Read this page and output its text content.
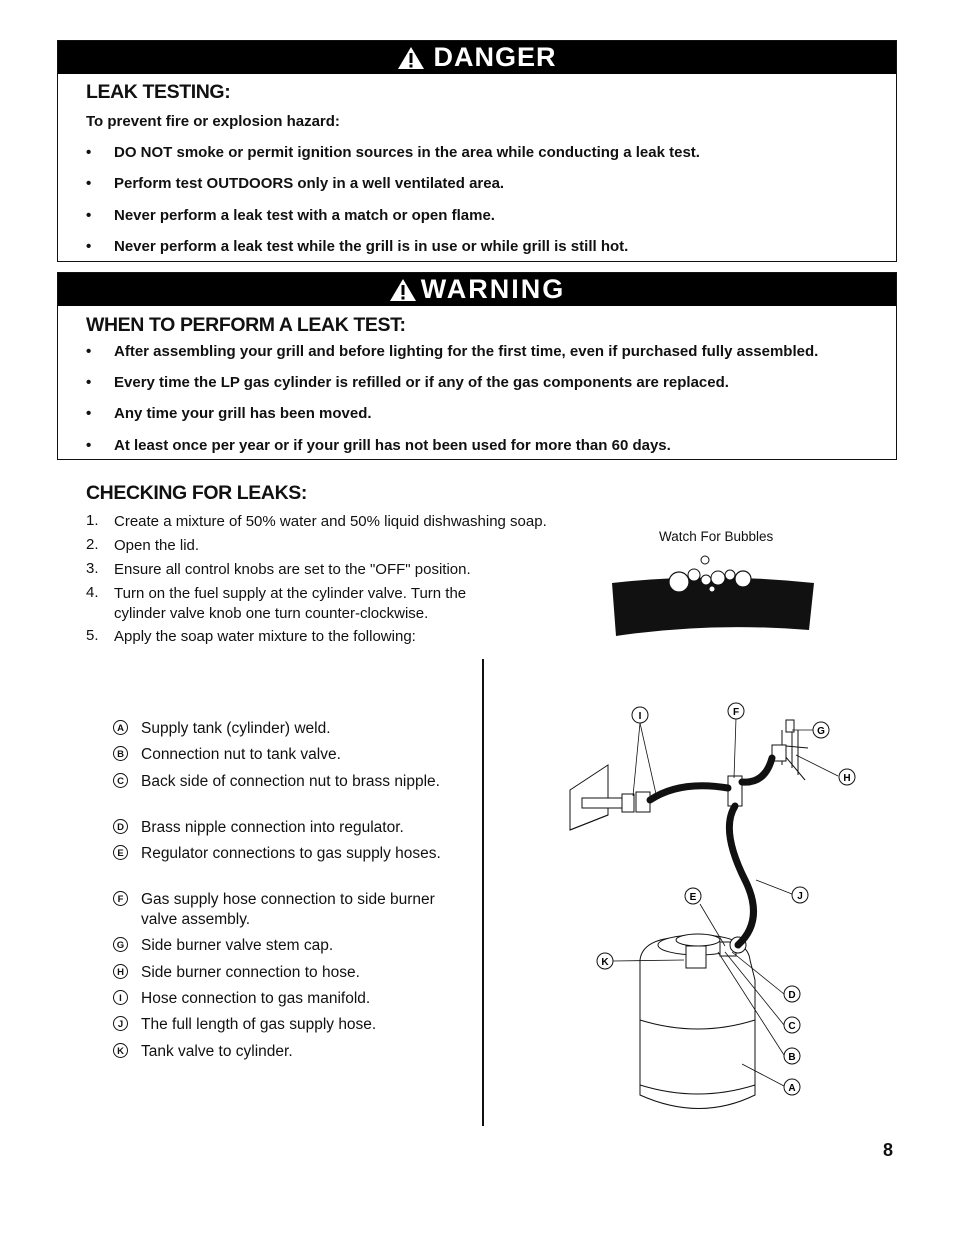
DANGER
LEAK TESTING:
To prevent fire or explosion hazard:
• DO NOT smoke or permit ignition sources in the area while conducting a leak test.
• Perform test OUTDOORS only in a well ventilated area.
• Never perform a leak test with a match or open flame.
• Never perform a leak test while the grill is in use or while grill is still hot.
WARNING
WHEN TO PERFORM A LEAK TEST:
• After assembling your grill and before lighting for the first time, even if purchased fully assembled.
• Every time the LP gas cylinder is refilled or if any of the gas components are replaced.
• Any time your grill has been moved.
• At least once per year or if your grill has not been used for more than 60 days.
CHECKING FOR LEAKS:
1. Create a mixture of 50% water and 50% liquid dishwashing soap.
2. Open the lid.
3. Ensure all control knobs are set to the "OFF" position.
4. Turn on the fuel supply at the cylinder valve. Turn the cylinder valve knob one turn counter-clockwise.
5. Apply the soap water mixture to the following:
Watch For Bubbles
A Supply tank (cylinder) weld.
B Connection nut to tank valve.
C Back side of connection nut to brass nipple.
D Brass nipple connection into regulator.
E Regulator connections to gas supply hoses.
F Gas supply hose connection to side burner valve assembly.
G Side burner valve stem cap.
H Side burner connection to hose.
I	Hose connection to gas manifold.
J	The full length of gas supply hose.
K Tank valve to cylinder.
I	F
G
H
E	J
K
D
C
B
A
8
